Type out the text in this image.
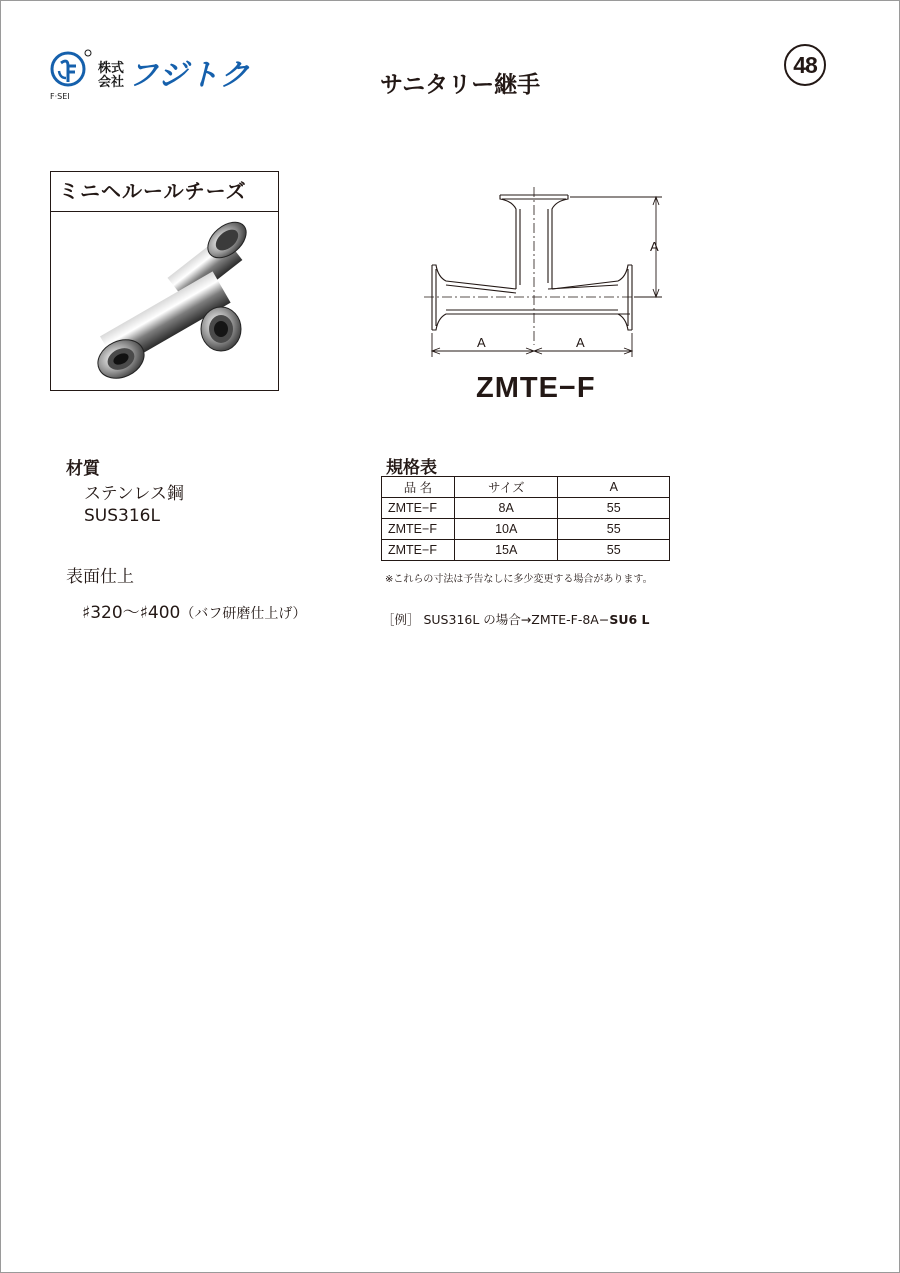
F·SEI
株式会社 フジトク	サニタリー継手
48
ミニヘルールチーズ
A
A	A
ZMTE−F
材質
ステンレス鋼
SUS316L
表面仕上
♯320〜♯400（バフ研磨仕上げ）
規格表
品 名	サイズ	A
ZMTE−F	8A	55
ZMTE−F	10A	55
ZMTE−F	15A	55
※これらの寸法は予告なしに多少変更する場合があります。
［例］ SUS316L の場合→ZMTE-F-8A−SU6 L
